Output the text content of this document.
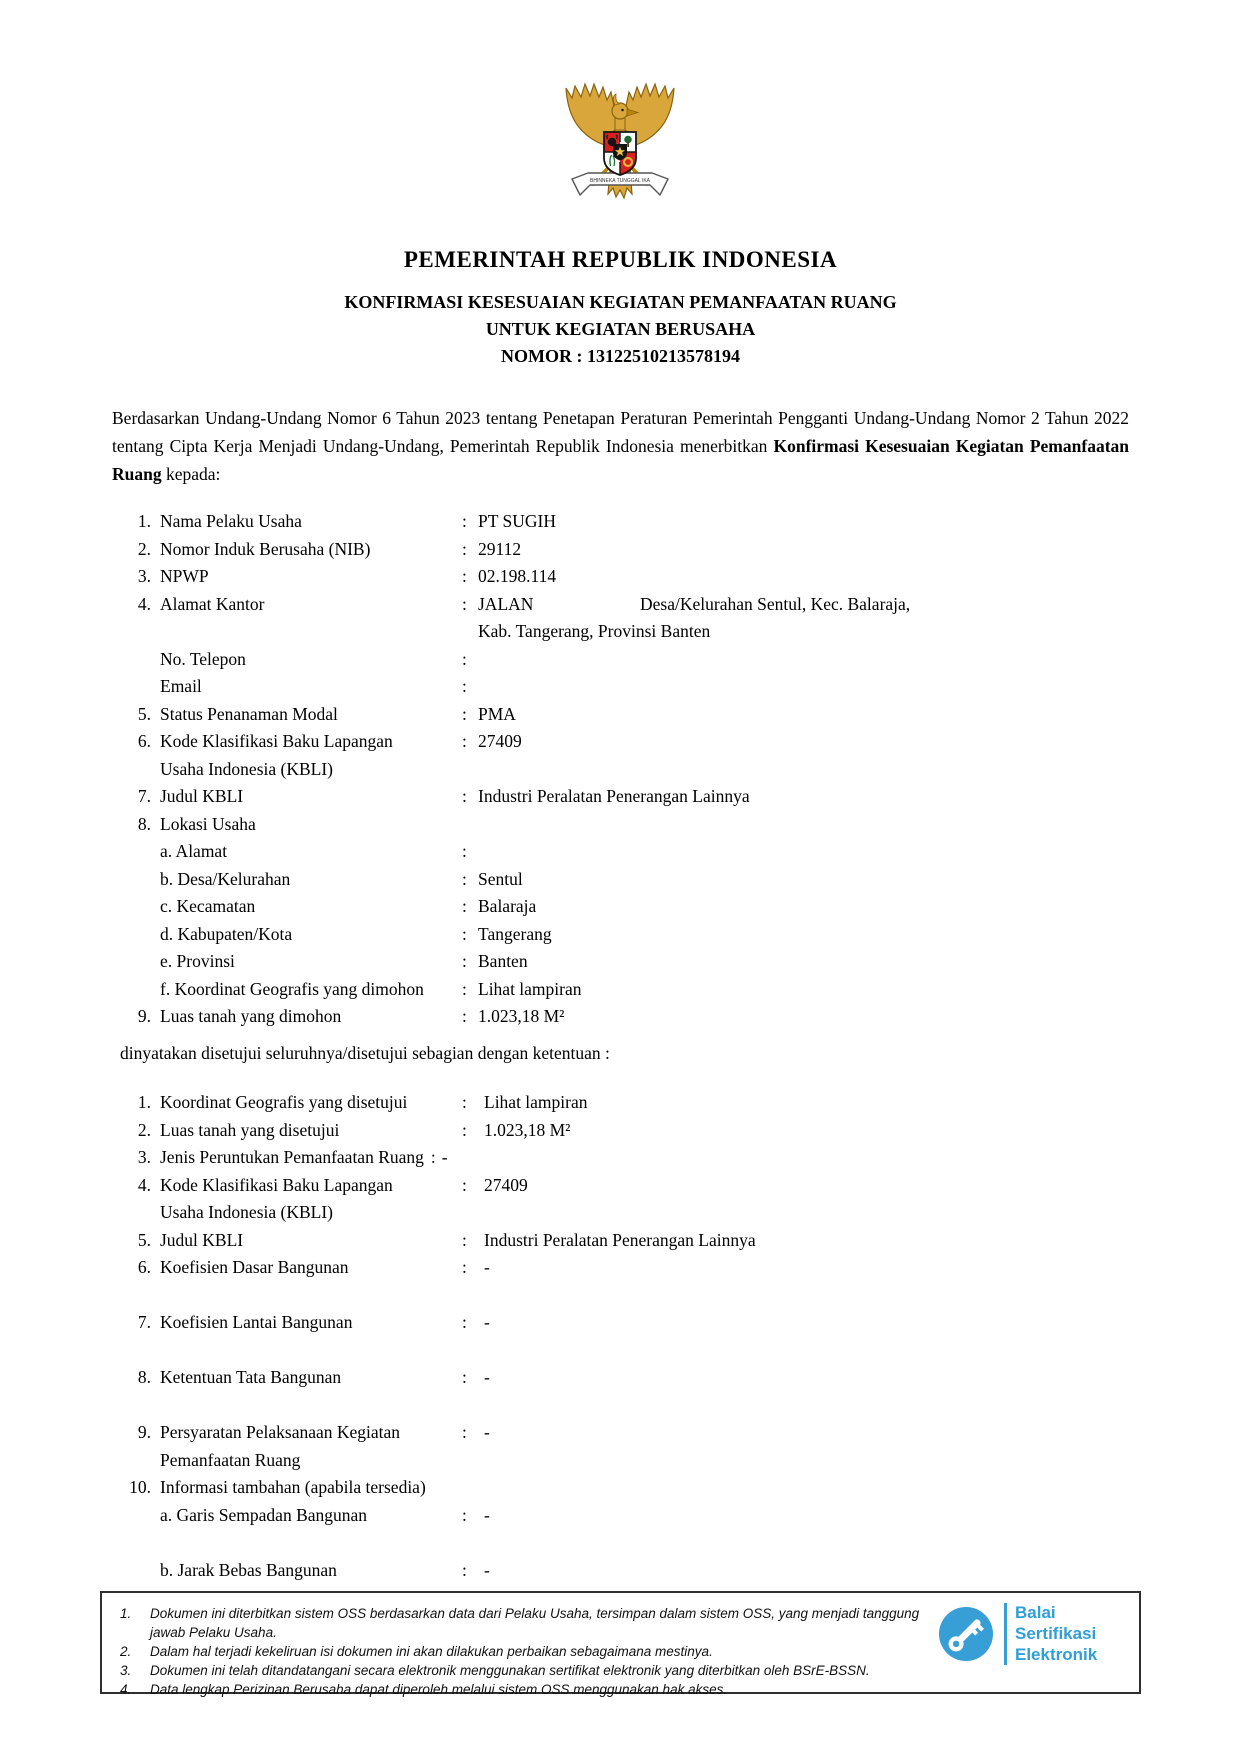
BHINNEKA TUNGGAL IKA
PEMERINTAH REPUBLIK INDONESIA
KONFIRMASI KESESUAIAN KEGIATAN PEMANFAATAN RUANG
UNTUK KEGIATAN BERUSAHA
NOMOR : 13122510213578194
Berdasarkan Undang-Undang Nomor 6 Tahun 2023 tentang Penetapan Peraturan Pemerintah Pengganti Undang-Undang Nomor 2 Tahun 2022 tentang Cipta Kerja Menjadi Undang-Undang, Pemerintah Republik Indonesia menerbitkan Konfirmasi Kesesuaian Kegiatan Pemanfaatan Ruang kepada:
1. Nama Pelaku Usaha	: PT SUGIH
2. Nomor Induk Berusaha (NIB)	: 29112
3. NPWP	: 02.198.114
4. Alamat Kantor	: JALAN	Desa/Kelurahan Sentul, Kec. Balaraja,
Kab. Tangerang, Provinsi Banten
No. Telepon	:
Email	:
5. Status Penanaman Modal	: PMA
6. Kode Klasifikasi Baku Lapangan
Usaha Indonesia (KBLI)
: 27409
7. Judul KBLI	: Industri Peralatan Penerangan Lainnya
8. Lokasi Usaha
a. Alamat	:
b. Desa/Kelurahan	: Sentul
c. Kecamatan	: Balaraja
d. Kabupaten/Kota	: Tangerang
e. Provinsi	: Banten
f. Koordinat Geografis yang dimohon	: Lihat lampiran
9. Luas tanah yang dimohon	: 1.023,18 M²
dinyatakan disetujui seluruhnya/disetujui sebagian dengan ketentuan :
1. Koordinat Geografis yang disetujui	: Lihat lampiran
2. Luas tanah yang disetujui	: 1.023,18 M²
3. Jenis Peruntukan Pemanfaatan Ruang : -
4. Kode Klasifikasi Baku Lapangan
Usaha Indonesia (KBLI)
: 27409
5. Judul KBLI	: Industri Peralatan Penerangan Lainnya
6. Koefisien Dasar Bangunan	: -
7. Koefisien Lantai Bangunan	: -
8. Ketentuan Tata Bangunan	: -
9. Persyaratan Pelaksanaan Kegiatan
Pemanfaatan Ruang
: -
10. Informasi tambahan (apabila tersedia)
a. Garis Sempadan Bangunan	: -
b. Jarak Bebas Bangunan	: -
1.	Dokumen ini diterbitkan sistem OSS berdasarkan data dari Pelaku Usaha, tersimpan dalam sistem OSS, yang menjadi tanggung jawab Pelaku Usaha.
2.	Dalam hal terjadi kekeliruan isi dokumen ini akan dilakukan perbaikan sebagaimana mestinya.
3.	Dokumen ini telah ditandatangani secara elektronik menggunakan sertifikat elektronik yang diterbitkan oleh BSrE-BSSN.
4.	Data lengkap Perizinan Berusaha dapat diperoleh melalui sistem OSS menggunakan hak akses.
Balai
Sertifikasi
Elektronik
